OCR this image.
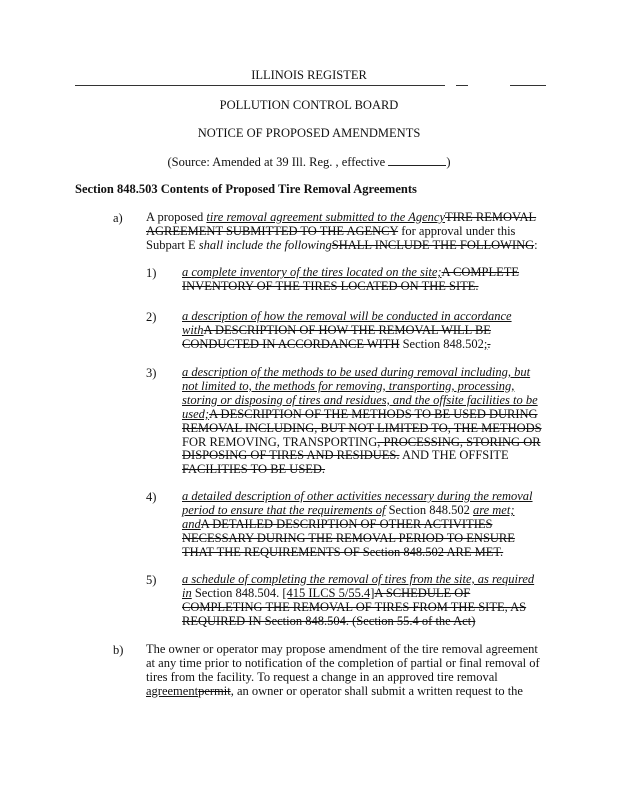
ILLINOIS REGISTER
POLLUTION CONTROL BOARD
NOTICE OF PROPOSED AMENDMENTS
(Source: Amended at 39 Ill. Reg. , effective	)
Section 848.503 Contents of Proposed Tire Removal Agreements
a) A proposed tire removal agreement submitted to the AgencyTIRE REMOVAL AGREEMENT SUBMITTED TO THE AGENCY for approval under this Subpart E shall include the followingSHALL INCLUDE THE FOLLOWING:
1) a complete inventory of the tires located on the site;A COMPLETE INVENTORY OF THE TIRES LOCATED ON THE SITE.
2) a description of how the removal will be conducted in accordance withA DESCRIPTION OF HOW THE REMOVAL WILL BE CONDUCTED IN ACCORDANCE WITH Section 848.502;.
3) a description of the methods to be used during removal including, but not limited to, the methods for removing, transporting, processing, storing or disposing of tires and residues, and the offsite facilities to be used;A DESCRIPTION OF THE METHODS TO BE USED DURING REMOVAL INCLUDING, BUT NOT LIMITED TO, THE METHODS FOR REMOVING, TRANSPORTING, PROCESSING, STORING OR DISPOSING OF TIRES AND RESIDUES. AND THE OFFSITE FACILITIES TO BE USED.
4) a detailed description of other activities necessary during the removal period to ensure that the requirements of Section 848.502 are met; andA DETAILED DESCRIPTION OF OTHER ACTIVITIES NECESSARY DURING THE REMOVAL PERIOD TO ENSURE THAT THE REQUIREMENTS OF Section 848.502 ARE MET.
5) a schedule of completing the removal of tires from the site, as required in Section 848.504. [415 ILCS 5/55.4]A SCHEDULE OF COMPLETING THE REMOVAL OF TIRES FROM THE SITE, AS REQUIRED IN Section 848.504. (Section 55.4 of the Act)
b) The owner or operator may propose amendment of the tire removal agreement at any time prior to notification of the completion of partial or final removal of tires from the facility. To request a change in an approved tire removal agreementpermit, an owner or operator shall submit a written request to the
